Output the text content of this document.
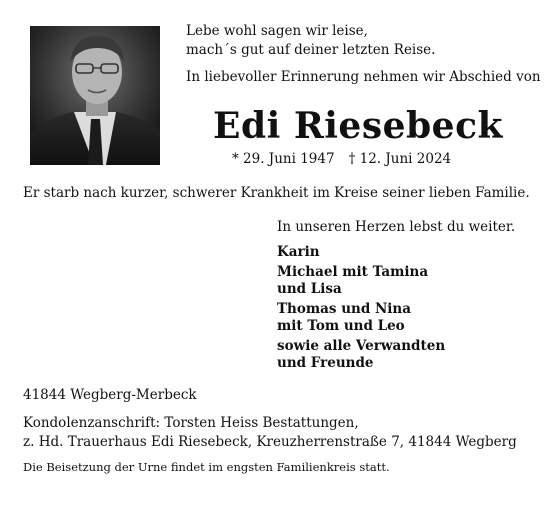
Lebe wohl sagen wir leise,
mach´s gut auf deiner letzten Reise.
In liebevoller Erinnerung nehmen wir Abschied von
Edi Riesebeck
* 29. Juni 1947 † 12. Juni 2024
Er starb nach kurzer, schwerer Krankheit im Kreise seiner lieben Familie.
In unseren Herzen lebst du weiter.
Karin
Michael mit Tamina
und Lisa
Thomas und Nina
mit Tom und Leo
sowie alle Verwandten
und Freunde
41844 Wegberg-Merbeck
Kondolenzanschrift: Torsten Heiss Bestattungen,
z. Hd. Trauerhaus Edi Riesebeck, Kreuzherrenstraße 7, 41844 Wegberg
Die Beisetzung der Urne findet im engsten Familienkreis statt.
